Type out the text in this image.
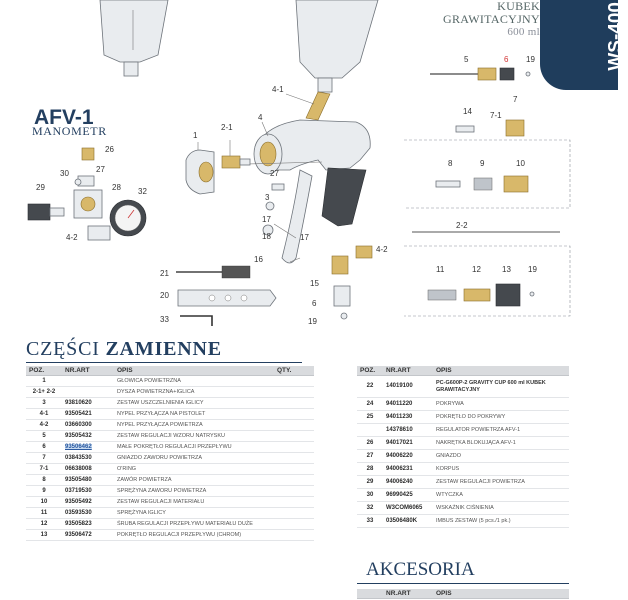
1
2-1
4
4-1
27
3
17
18	17
16
21
20
33
15
6
19
4-2
26
30	27
28 32
29
4-2
5	6 19
14
7
7-1
8	9	10
2-2
11	12	13 19
WS-400
KUBEK
GRAWITACYJNY
600 ml
AFV-1
MANOMETR
CZĘŚCI ZAMIENNE
POZ.	NR.ART	OPIS	QTY.
1		GŁOWICA POWIETRZNA	
2-1+ 2-2		DYSZA POWIETRZNA+IGLICA	
3	93810620	ZESTAW USZCZELNIENIA IGLICY	
4-1	93505421	NYPEL PRZYŁĄCZA NA PISTOLET	
4-2	03660300	NYPEL PRZYŁĄCZA POWIETRZA	
5	93505432	ZESTAW REGULACJI WZORU NATRYSKU	
6	93506462	MAŁE POKRĘTŁO REGULACJI PRZEPŁYWU	
7	03843530	GNIAZDO ZAWORU POWIETRZA	
7-1	06638008	O'RING	
8	93505480	ZAWÓR POWIETRZA	
9	03719530	SPRĘŻYNA ZAWORU POWIETRZA	
10	93505492	ZESTAW REGULACJI MATERIAŁU	
11	03593530	SPRĘŻYNA IGLICY	
12	93505823	ŚRUBA REGULACJI PRZEPŁYWU MATERIAŁU DUŻE	
13	93506472	POKRĘTŁO REGULACJI PRZEPŁYWU (CHROM)	
POZ.	NR.ART	OPIS
22	14019100	PC-G600P-2 GRAVITY CUP 600 ml KUBEK GRAWITACYJNY
24	94011220	POKRYWA
25	94011230	POKRĘTŁO DO POKRYWY
	14378610	REGULATOR POWIETRZA AFV-1
26	94017021	NAKRĘTKA BLOKUJĄCA AFV-1
27	94006220	GNIAZDO
28	94006231	KORPUS
29	94006240	ZESTAW REGULACJI POWIETRZA
30	96990425	WTYCZKA
32	W3COM6065	WSKAŹNIK CIŚNIENIA
33	03506480K	IMBUS ZESTAW (5 pcs./1 pk.)
AKCESORIA
	NR.ART	OPIS
